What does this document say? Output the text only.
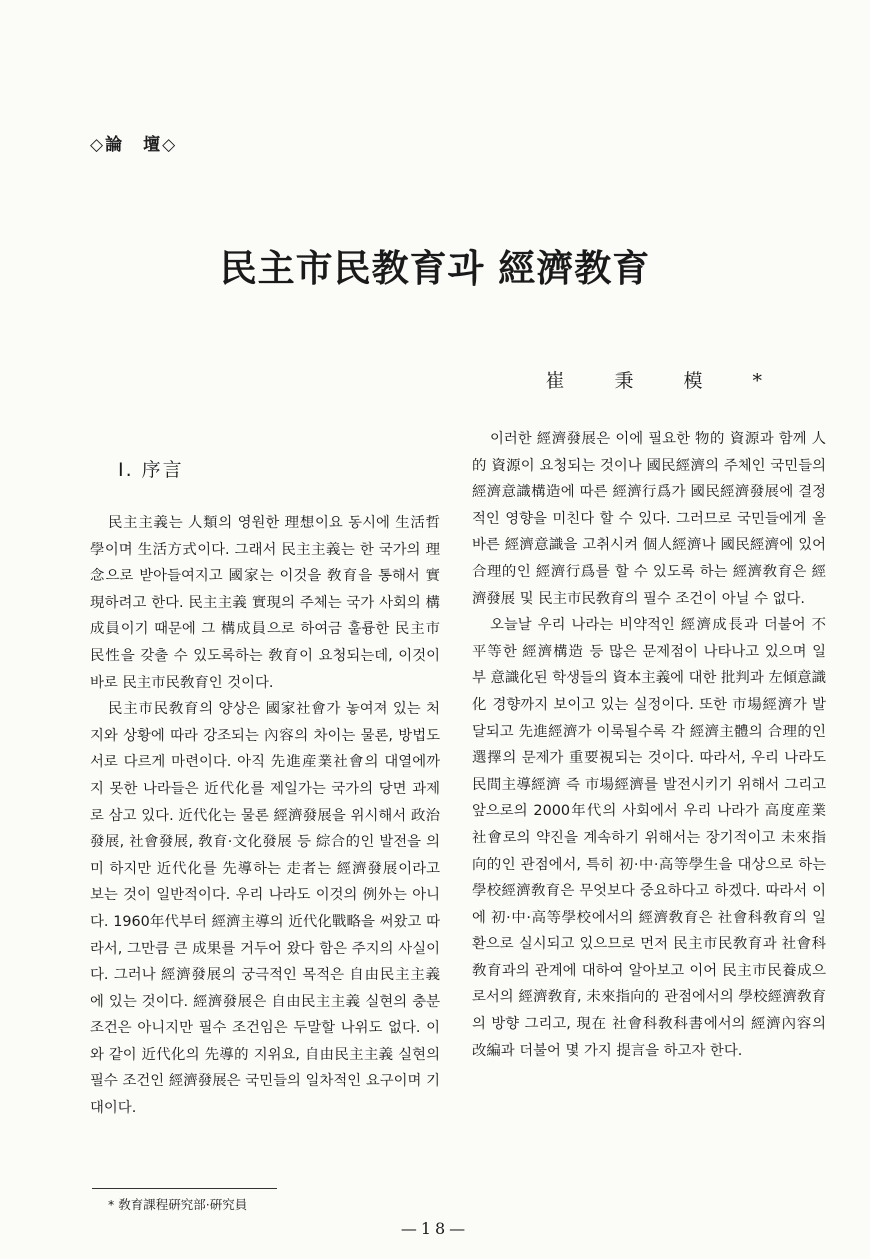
◇論　壇◇
民主市民教育과 經濟教育
崔秉模*
I. 序言

民主主義는 人類의 영원한 理想이요 동시에 生活哲學이며 生活方式이다. 그래서 民主主義는 한 국가의 理念으로 받아들여지고 國家는 이것을 敎育을 통해서 實現하려고 한다. 民主主義 實現의 주체는 국가 사회의 構成員이기 때문에 그 構成員으로 하여금 훌륭한 民主市民性을 갖출 수 있도록하는 敎育이 요청되는데, 이것이 바로 民主市民敎育인 것이다.

民主市民敎育의 양상은 國家社會가 놓여져 있는 처지와 상황에 따라 강조되는 內容의 차이는 물론, 방법도 서로 다르게 마련이다. 아직 先進産業社會의 대열에까지 못한 나라들은 近代化를 제일가는 국가의 당면 과제로 삼고 있다. 近代化는 물론 經濟發展을 위시해서 政治發展, 社會發展, 敎育·文化發展 등 綜合的인 발전을 의미 하지만 近代化를 先導하는 走者는 經濟發展이라고 보는 것이 일반적이다. 우리 나라도 이것의 例外는 아니다. 1960年代부터 經濟主導의 近代化戰略을 써왔고 따라서, 그만큼 큰 成果를 거두어 왔다 함은 주지의 사실이다. 그러나 經濟發展의 궁극적인 목적은 自由民主主義에 있는 것이다. 經濟發展은 自由民主主義 실현의 충분 조건은 아니지만 필수 조건임은 두말할 나위도 없다. 이와 같이 近代化의 先導的 지위요, 自由民主主義 실현의 필수 조건인 經濟發展은 국민들의 일차적인 요구이며 기대이다.

이러한 經濟發展은 이에 필요한 物的 資源과 함께 人的 資源이 요청되는 것이나 國民經濟의 주체인 국민들의 經濟意識構造에 따른 經濟行爲가 國民經濟發展에 결정적인 영향을 미친다 할 수 있다. 그러므로 국민들에게 올바른 經濟意識을 고취시켜 個人經濟나 國民經濟에 있어 合理的인 經濟行爲를 할 수 있도록 하는 經濟敎育은 經濟發展 및 民主市民敎育의 필수 조건이 아닐 수 없다.

오늘날 우리 나라는 비약적인 經濟成長과 더불어 不平等한 經濟構造 등 많은 문제점이 나타나고 있으며 일부 意識化된 학생들의 資本主義에 대한 批判과 左傾意識化 경향까지 보이고 있는 실정이다. 또한 市場經濟가 발달되고 先進經濟가 이룩될수록 각 經濟主體의 合理的인 選擇의 문제가 重要視되는 것이다. 따라서, 우리 나라도 民間主導經濟 즉 市場經濟를 발전시키기 위해서 그리고 앞으로의 2000年代의 사회에서 우리 나라가 高度産業社會로의 약진을 계속하기 위해서는 장기적이고 未來指向的인 관점에서, 특히 初·中·高等學生을 대상으로 하는 學校經濟敎育은 무엇보다 중요하다고 하겠다. 따라서 이에 初·中·高等學校에서의 經濟敎育은 社會科敎育의 일환으로 실시되고 있으므로 먼저 民主市民敎育과 社會科敎育과의 관계에 대하여 알아보고 이어 民主市民養成으로서의 經濟敎育, 未來指向的 관점에서의 學校經濟敎育의 방향 그리고, 現在 社會科敎科書에서의 經濟內容의 改編과 더불어 몇 가지 提言을 하고자 한다.

* 敎育課程硏究部·硏究員
—18—
